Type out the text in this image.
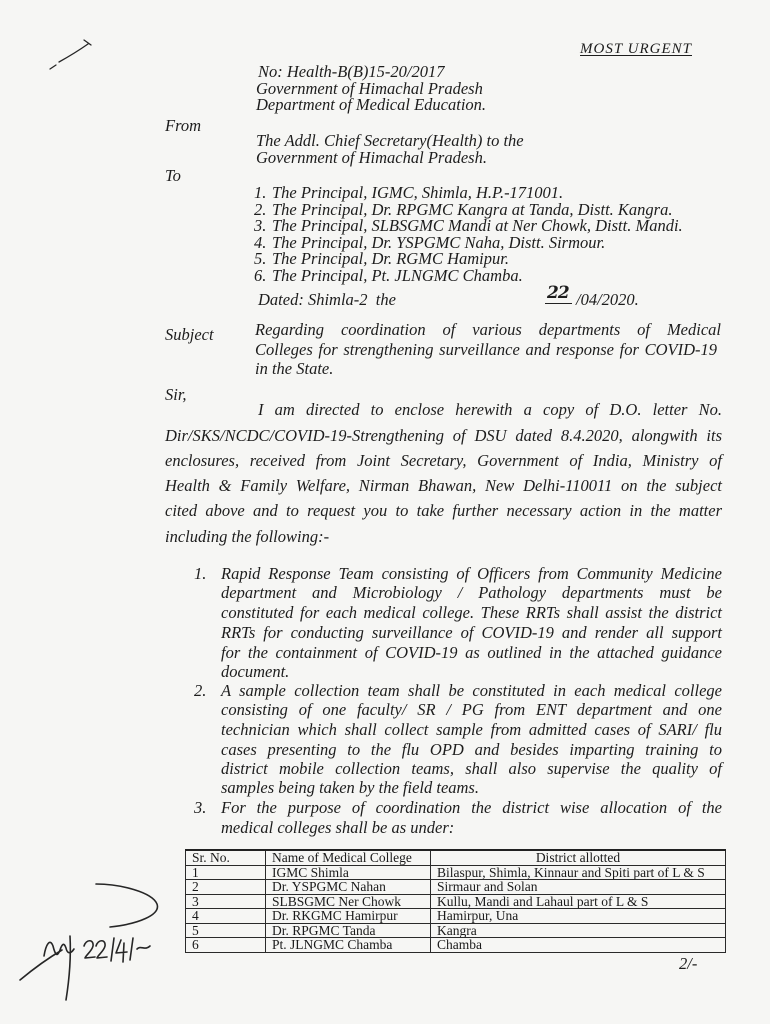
MOST URGENT
No: Health-B(B)15-20/2017
Government of Himachal Pradesh
Department of Medical Education.
From
The Addl. Chief Secretary(Health) to the
Government of Himachal Pradesh.
To
1. The Principal, IGMC, Shimla, H.P.-171001.
2. The Principal, Dr. RPGMC Kangra at Tanda, Distt. Kangra.
3. The Principal, SLBSGMC Mandi at Ner Chowk, Distt. Mandi.
4. The Principal, Dr. YSPGMC Naha, Distt. Sirmour.
5. The Principal, Dr. RGMC Hamipur.
6. The Principal, Pt. JLNGMC Chamba.
Dated: Shimla-2  the	22 /04/2020.
Subject	Regarding coordination of various departments of Medical
Colleges for strengthening surveillance and response for COVID-19
in the State.
Sir,
I am directed to enclose herewith a copy of D.O. letter No.
Dir/SKS/NCDC/COVID-19-Strengthening of DSU dated 8.4.2020, alongwith its
enclosures, received from Joint Secretary, Government of India, Ministry of
Health & Family Welfare, Nirman Bhawan, New Delhi-110011 on the subject
cited above and to request you to take further necessary action in the matter
including the following:-
1. Rapid Response Team consisting of Officers from Community Medicine
department and Microbiology / Pathology departments must be
constituted for each medical college. These RRTs shall assist the district
RRTs for conducting surveillance of COVID-19 and render all support
for the containment of COVID-19 as outlined in the attached guidance
document.
2. A sample collection team shall be constituted in each medical college
consisting of one faculty/ SR / PG from ENT department and one
technician which shall collect sample from admitted cases of SARI/ flu
cases presenting to the flu OPD and besides imparting training to
district mobile collection teams, shall also supervise the quality of
samples being taken by the field teams.
3. For the purpose of coordination the district wise allocation of the
medical colleges shall be as under:
Sr. No.	Name of Medical College	District allotted
1	IGMC Shimla	Bilaspur, Shimla, Kinnaur and Spiti part of L & S
2	Dr. YSPGMC Nahan	Sirmaur and Solan
3	SLBSGMC Ner Chowk	Kullu, Mandi and Lahaul part of L & S
4	Dr. RKGMC Hamirpur	Hamirpur, Una
5	Dr. RPGMC Tanda	Kangra
6	Pt. JLNGMC Chamba	Chamba
2/-
